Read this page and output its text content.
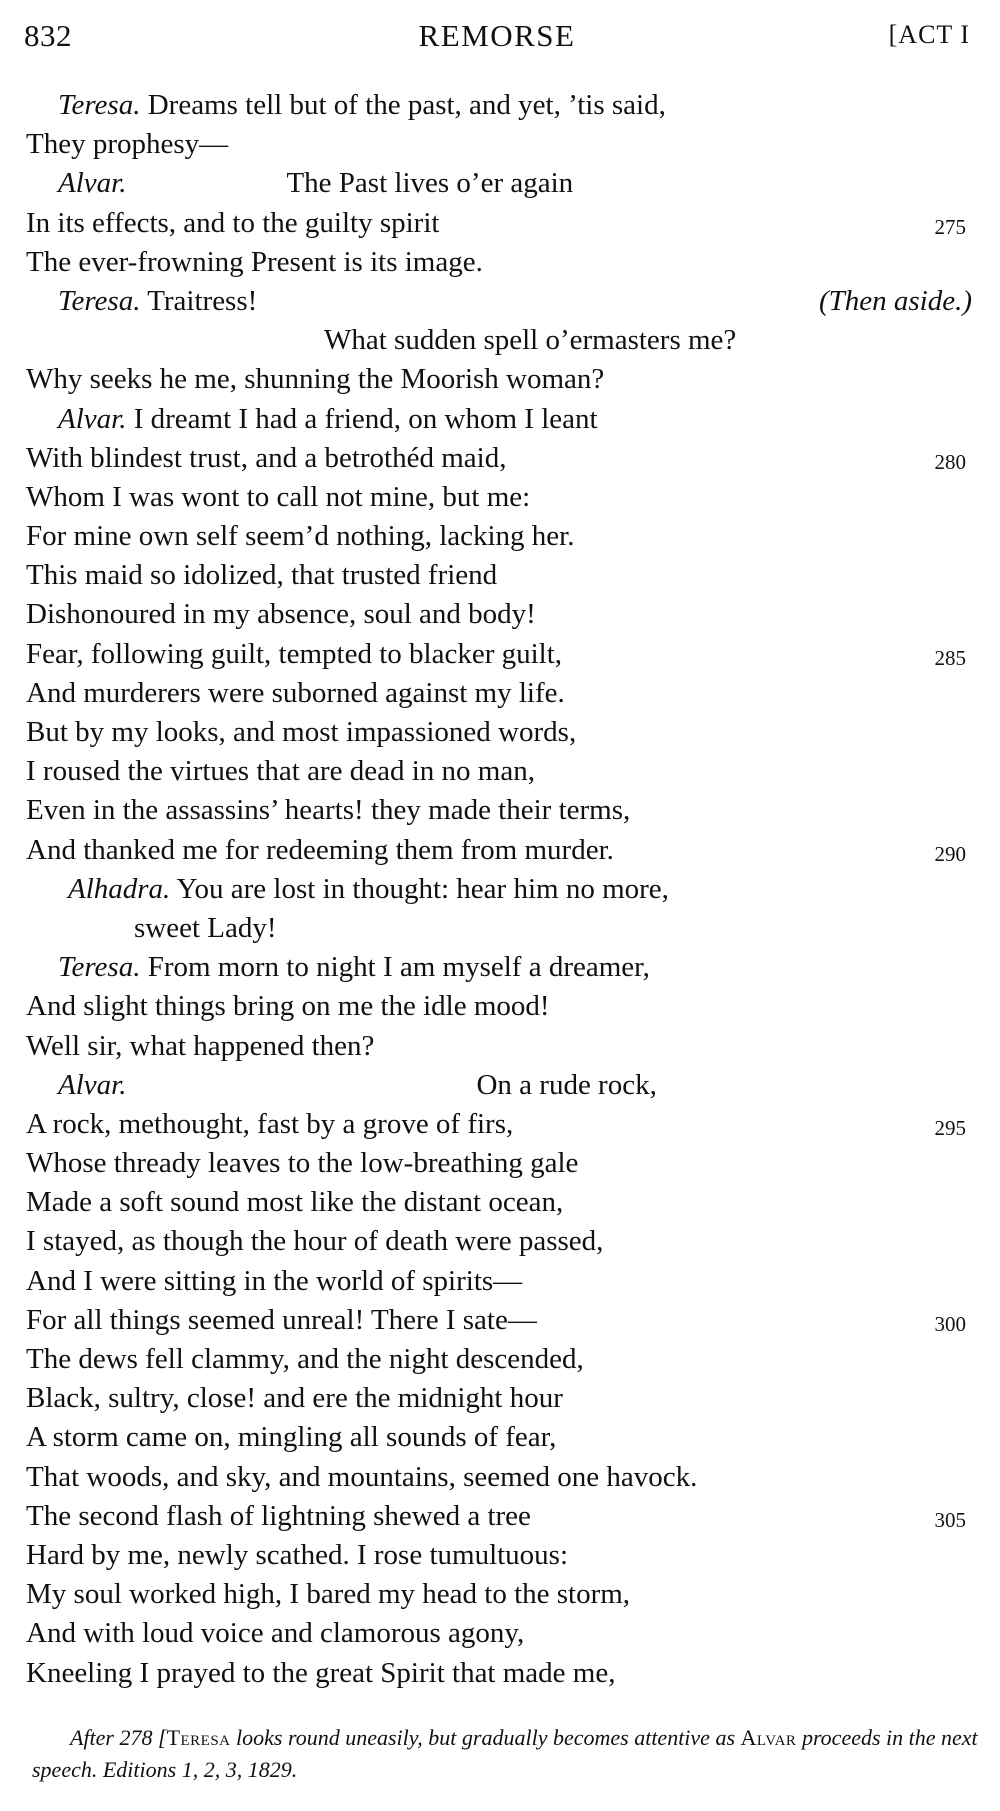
832	REMORSE	[ACT I
Teresa. Dreams tell but of the past, and yet, ’tis said,
They prophesy—
Alvar.	The Past lives o’er again
In its effects, and to the guilty spirit	275
The ever-frowning Present is its image.
Teresa. Traitress!	(Then aside.)
What sudden spell o’ermasters me?
Why seeks he me, shunning the Moorish woman?
Alvar. I dreamt I had a friend, on whom I leant
With blindest trust, and a betrothéd maid,	280
Whom I was wont to call not mine, but me:
For mine own self seem’d nothing, lacking her.
This maid so idolized, that trusted friend
Dishonoured in my absence, soul and body!
Fear, following guilt, tempted to blacker guilt,	285
And murderers were suborned against my life.
But by my looks, and most impassioned words,
I roused the virtues that are dead in no man,
Even in the assassins’ hearts! they made their terms,
And thanked me for redeeming them from murder.	290
Alhadra. You are lost in thought: hear him no more,
sweet Lady!
Teresa. From morn to night I am myself a dreamer,
And slight things bring on me the idle mood!
Well sir, what happened then?
Alvar.	On a rude rock,
A rock, methought, fast by a grove of firs,	295
Whose thready leaves to the low-breathing gale
Made a soft sound most like the distant ocean,
I stayed, as though the hour of death were passed,
And I were sitting in the world of spirits—
For all things seemed unreal! There I sate—	300
The dews fell clammy, and the night descended,
Black, sultry, close! and ere the midnight hour
A storm came on, mingling all sounds of fear,
That woods, and sky, and mountains, seemed one havock.
The second flash of lightning shewed a tree	305
Hard by me, newly scathed. I rose tumultuous:
My soul worked high, I bared my head to the storm,
And with loud voice and clamorous agony,
Kneeling I prayed to the great Spirit that made me,
After 278 [Teresa looks round uneasily, but gradually becomes attentive as Alvar proceeds in the next speech. Editions 1, 2, 3, 1829.
